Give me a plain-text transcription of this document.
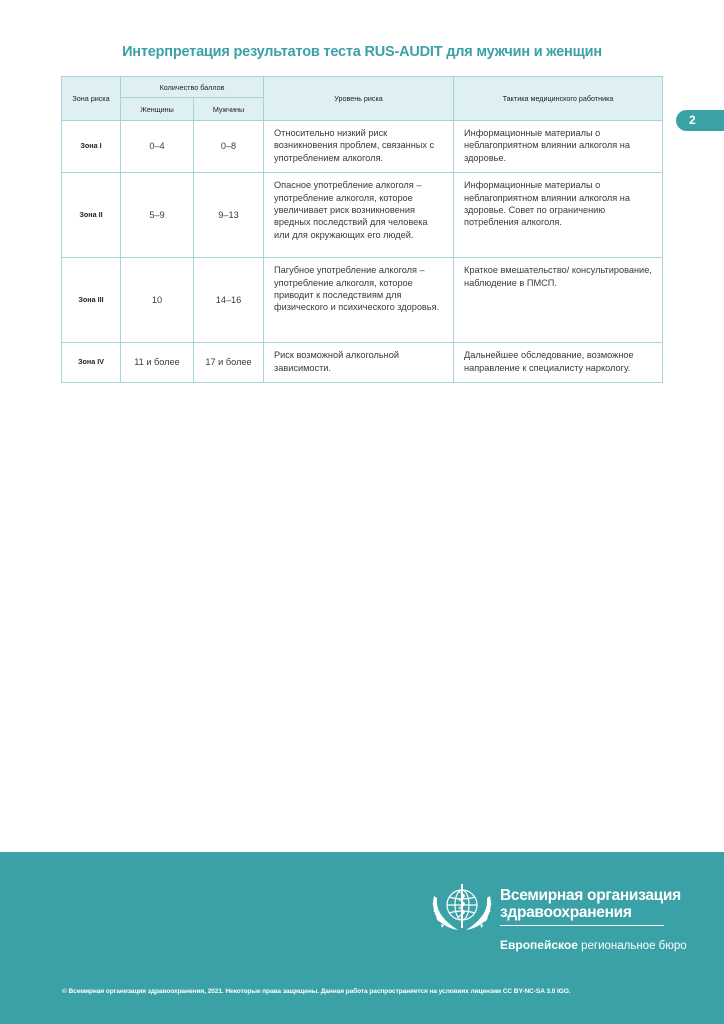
Интерпретация результатов теста RUS-AUDIT для мужчин и женщин
2
Зона риска	Количество баллов		Уровень риска	Тактика медицинского работника
	Женщины	Мужчины		
Зона I	0–4	0–8	Относительно низкий риск возникновения проблем, связанных с употреблением алкоголя.	Информационные материалы о неблагоприятном влиянии алкоголя на здоровье.
Зона II	5–9	9–13	Опасное употребление алкоголя – употребление алкоголя, которое увеличивает риск возникновения вредных последствий для человека или для окружающих его людей.	Информационные материалы о неблагоприятном влиянии алкоголя на здоровье. Совет по ограничению потребления алкоголя.
Зона III	10	14–16	Пагубное употребление алкоголя – употребление алкоголя, которое приводит к последствиям для физического и психического здоровья.	Краткое вмешательство/ консультирование, наблюдение в ПМСП.
Зона IV	11 и более	17 и более	Риск возможной алкогольной зависимости.	Дальнейшее обследование, возможное направление к специалисту наркологу.
Всемирная организация
здравоохранения
Европейское региональное бюро
© Всемирная организация здравоохранения, 2021. Некоторые права защищены. Данная работа распространяется на условиях лицензии CC BY-NC-SA 3.0 IGO.
